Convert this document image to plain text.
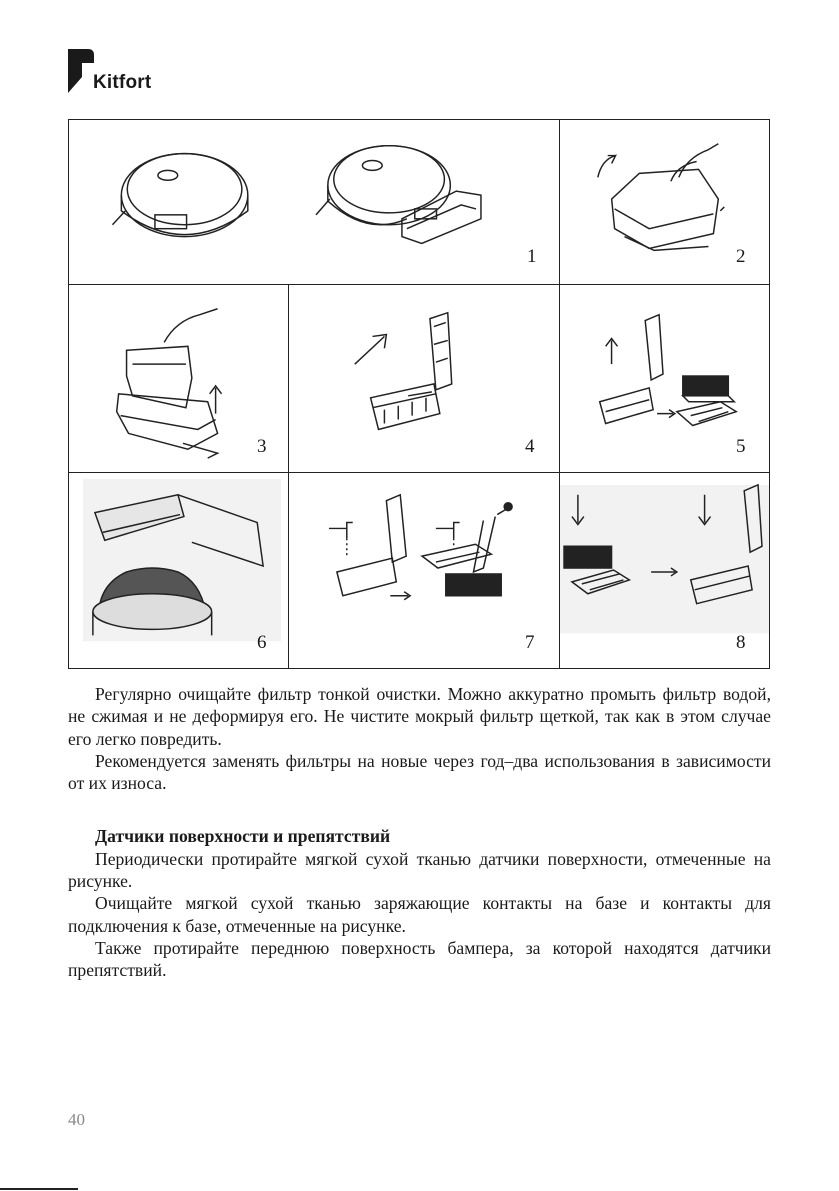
Kitfort
1	2
3	4	5
6	7	8

Регулярно очищайте фильтр тонкой очистки. Можно аккуратно промыть фильтр водой, не сжимая и не деформируя его. Не чистите мокрый фильтр щеткой, так как в этом случае его легко повредить.

Рекомендуется заменять фильтры на новые через год–два использования в зависимости от их износа.

Датчики поверхности и препятствий

Периодически протирайте мягкой сухой тканью датчики поверхности, отмеченные на рисунке.

Очищайте мягкой сухой тканью заряжающие контакты на базе и контакты для подключения к базе, отмеченные на рисунке.

Также протирайте переднюю поверхность бампера, за которой находятся датчики препятствий.

40
